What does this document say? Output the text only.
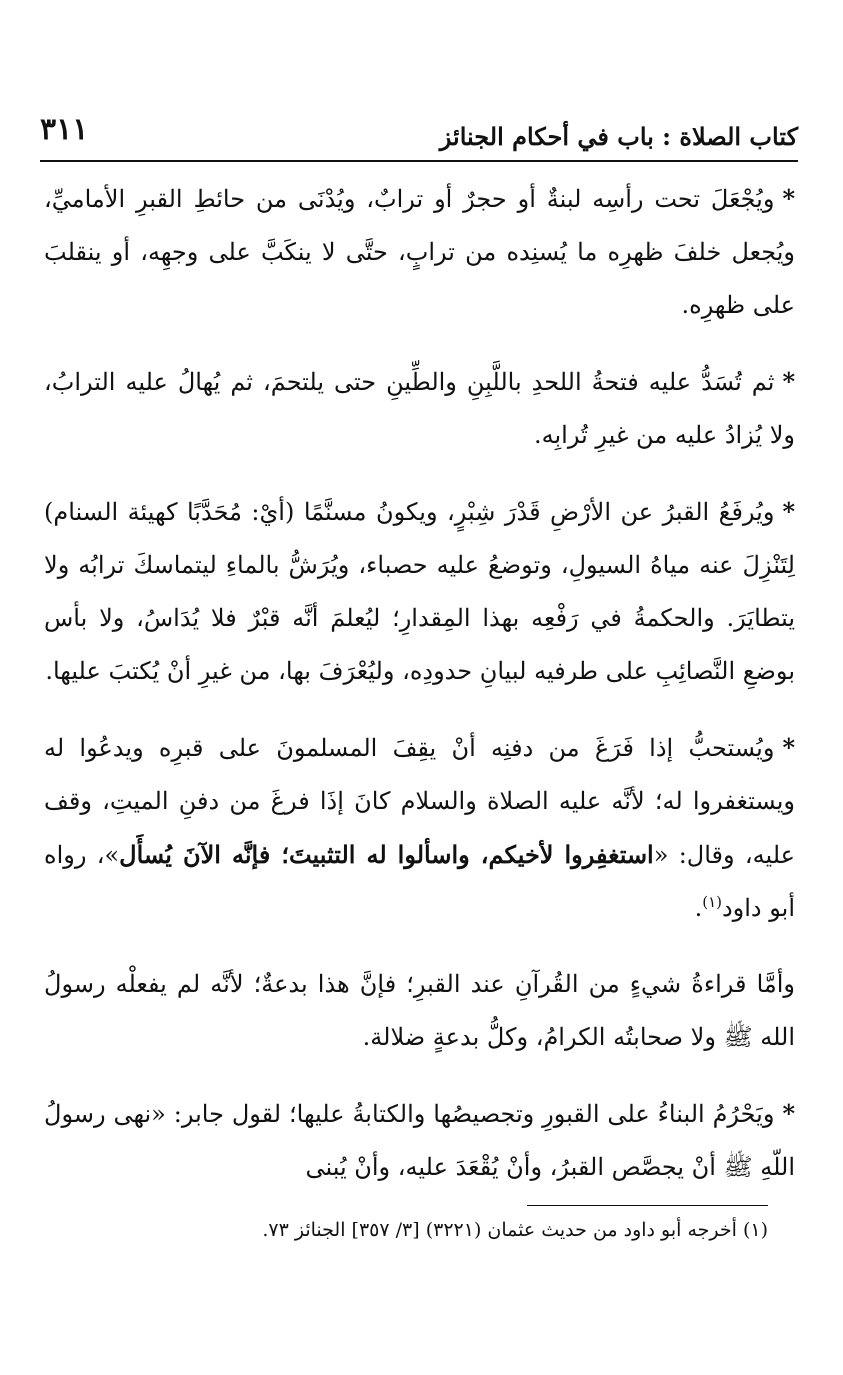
كتاب الصلاة : باب في أحكام الجنائز
٣١١

*ويُجْعَلَ تحت رأسِه لبنةٌ أو حجرٌ أو ترابٌ، ويُدْنَى من حائطِ القبرِ الأماميِّ، ويُجعل خلفَ ظهرِه ما يُسنِده من ترابٍ، حتَّى لا ينكَبَّ على وجهِه، أو ينقلبَ على ظهرِه.

*ثم تُسَدُّ عليه فتحةُ اللحدِ باللَّبِنِ والطِّينِ حتى يلتحمَ، ثم يُهالُ عليه الترابُ، ولا يُزادُ عليه من غيرِ تُرابِه.

*ويُرفَعُ القبرُ عن الأرْضِ قَدْرَ شِبْرٍ، ويكونُ مسنَّمًا (أيْ: مُحَدَّبًا كهيئة السنام) لِتَنْزِلَ عنه مياهُ السيولِ، وتوضعُ عليه حصباء، ويُرَشُّ بالماءِ ليتماسكَ ترابُه ولا يتطايَرَ. والحكمةُ في رَفْعِه بهذا المِقدارِ؛ ليُعلمَ أنَّه قبْرٌ فلا يُدَاسُ، ولا بأس بوضعِ النَّصائِبِ على طرفيه لبيانِ حدودِه، وليُعْرَفَ بها، من غيرِ أنْ يُكتبَ عليها.

*ويُستحبُّ إذا فَرَغَ من دفنِه أنْ يقِفَ المسلمونَ على قبرِه ويدعُوا له ويستغفروا له؛ لأنَّه عليه الصلاة والسلام كانَ إذَا فرغَ من دفنِ الميتِ، وقف عليه، وقال: «استغفِروا لأخيكم، واسألوا له التثبيتَ؛ فإنَّه الآنَ يُسأَل»، رواه أبو داود$^{(١)}$.

وأمَّا قراءةُ شيءٍ من القُرآنِ عند القبرِ؛ فإنَّ هذا بدعةٌ؛ لأنَّه لم يفعلْه رسولُ الله ﷺ ولا صحابتُه الكرامُ، وكلُّ بدعةٍ ضلالة.

*ويَحْرُمُ البناءُ على القبورِ وتجصيصُها والكتابةُ عليها؛ لقول جابر: «نهى رسولُ اللّهِ ﷺ أنْ يجصَّص القبرُ، وأنْ يُقْعَدَ عليه، وأنْ يُبنى

(١) أخرجه أبو داود من حديث عثمان (٣٢٢١) [٣/ ٣٥٧] الجنائز ٧٣.
